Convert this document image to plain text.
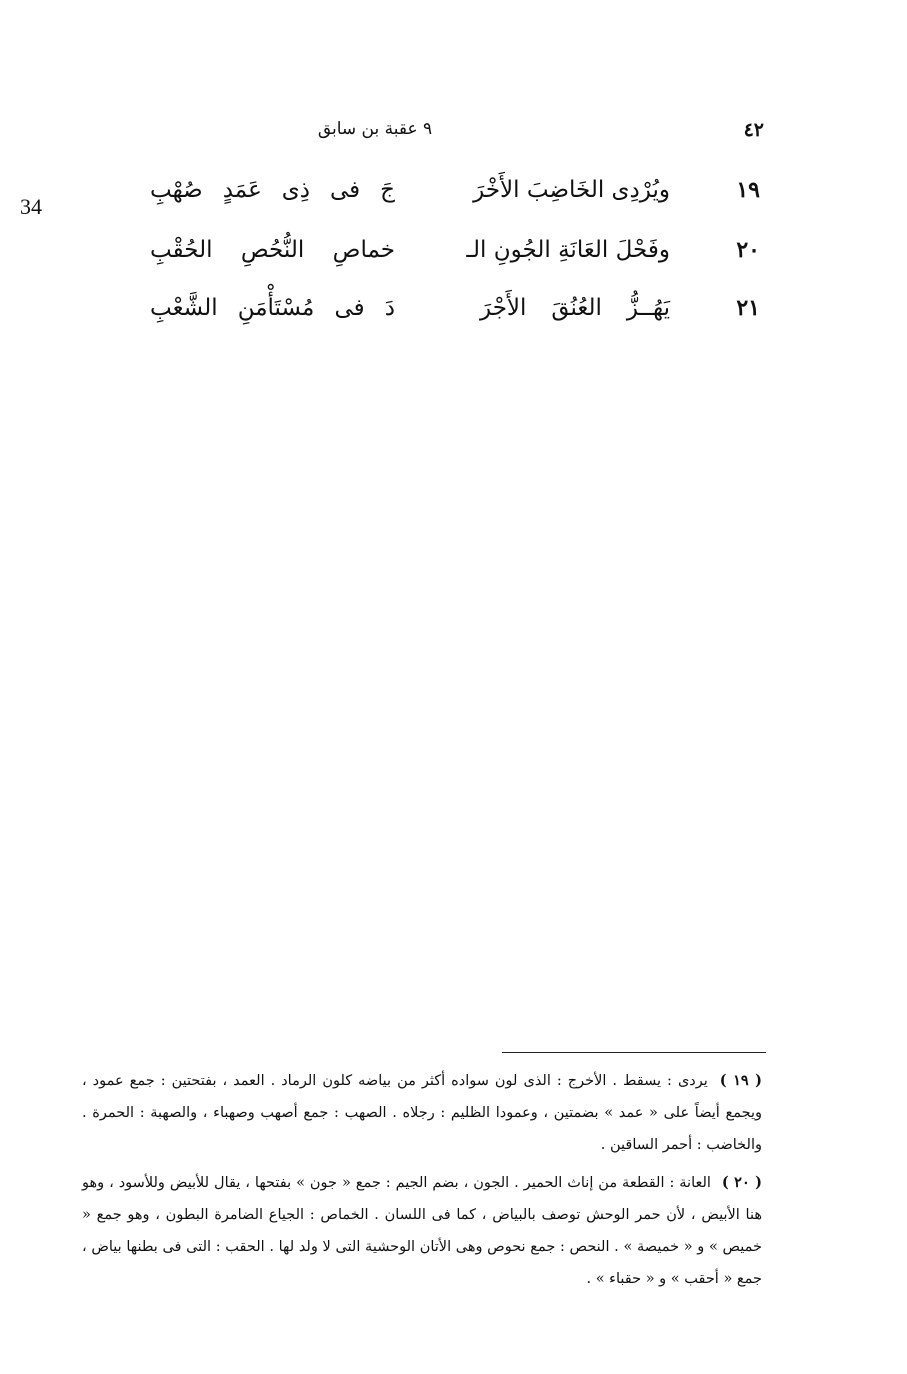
٤٢
٩ عقبة بن سابق
34
١٩
ويُرْدِى الخَاضِبَ الأَخْرَ
جَ فى ذِى عَمَدٍ صُهْبِ
٢٠
وفَحْلَ العَانَةِ الجُونِ الـ
خماصِ النُّحُصِ الحُقْبِ
٢١
يَهُــزُّ العُنُقَ الأَجْرَ
دَ فى مُسْتَأْمَنِ الشَّعْبِ

( ١٩ ) يردى : يسقط . الأخرج : الذى لون سواده أكثر من بياضه كلون الرماد . العمد ، بفتحتين : جمع عمود ، ويجمع أيضاً على « عمد » بضمتين ، وعمودا الظليم : رجلاه . الصهب : جمع أصهب وصهباء ، والصهبة : الحمرة . والخاضب : أحمر الساقين .

( ٢٠ ) العانة : القطعة من إناث الحمير . الجون ، بضم الجيم : جمع « جون » بفتحها ، يقال للأبيض وللأسود ، وهو هنا الأبيض ، لأن حمر الوحش توصف بالبياض ، كما فى اللسان . الخماص : الجياع الضامرة البطون ، وهو جمع « خميص » و « خميصة » . النحص : جمع نحوص وهى الأتان الوحشية التى لا ولد لها . الحقب : التى فى بطنها بياض ، جمع « أحقب » و « حقباء » .
